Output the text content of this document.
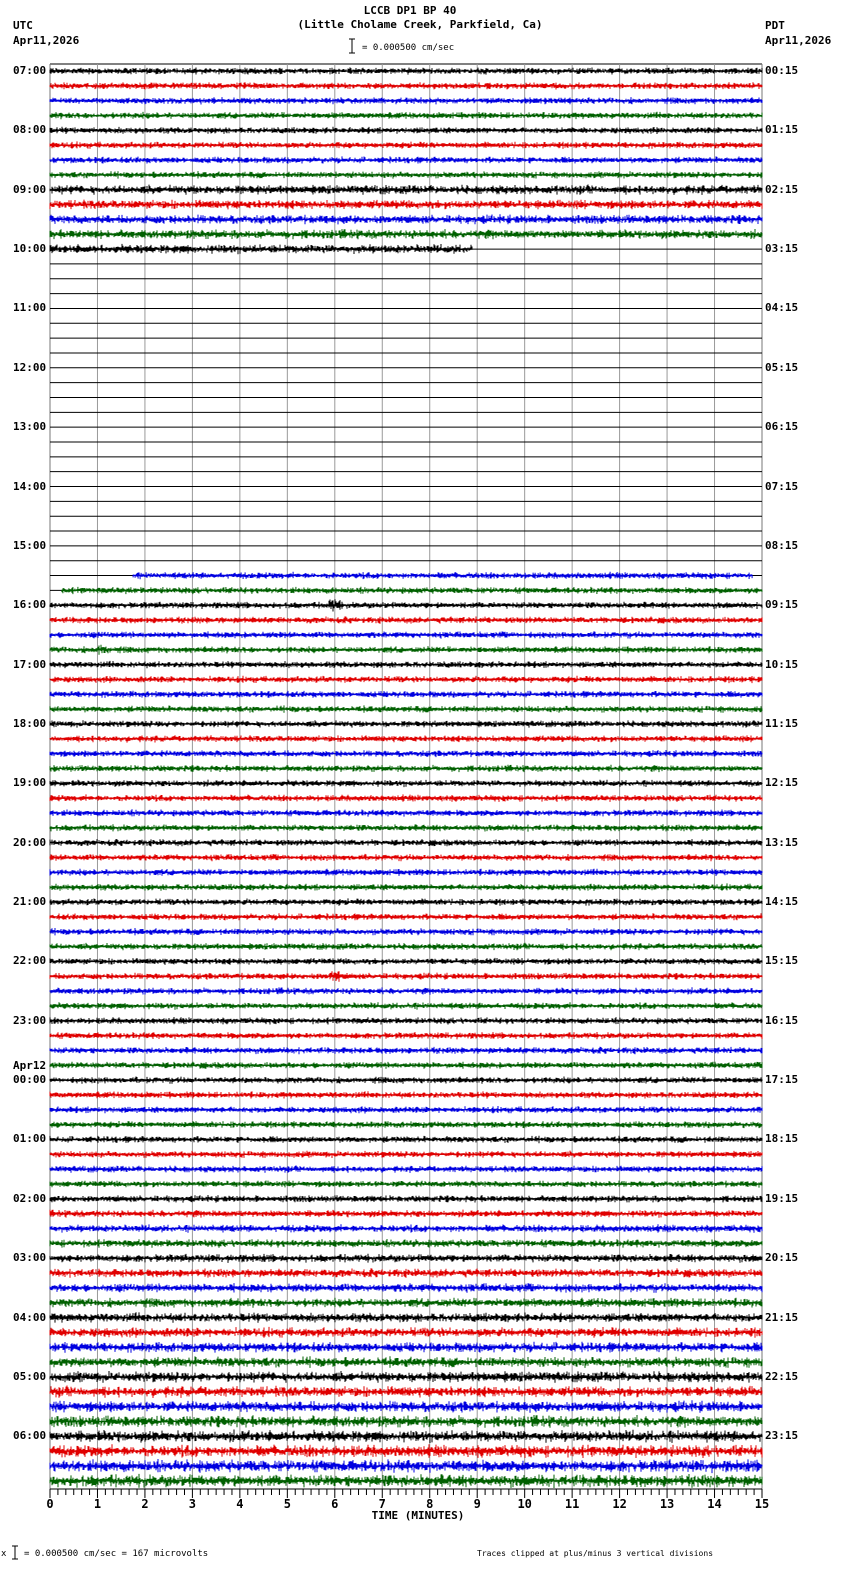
0	1	2	3	4	5	6	7	8	9	10	11	12	13	14	15
LCCB DP1 BP 40
(Little Cholame Creek, Parkfield, Ca)
UTC
Apr11,2026
PDT
Apr11,2026
= 0.000500 cm/sec
TIME (MINUTES)
x = 0.000500 cm/sec = 167 microvolts	Traces clipped at plus/minus 3 vertical divisions
07:00
08:00
09:00
10:00
11:00
12:00
13:00
14:00
15:00
16:00
17:00
18:00
19:00
20:00
21:00
22:00
23:00
00:00
Apr12
01:00
02:00
03:00
04:00
05:00
06:00
00:15
01:15
02:15
03:15
04:15
05:15
06:15
07:15
08:15
09:15
10:15
11:15
12:15
13:15
14:15
15:15
16:15
17:15
18:15
19:15
20:15
21:15
22:15
23:15
